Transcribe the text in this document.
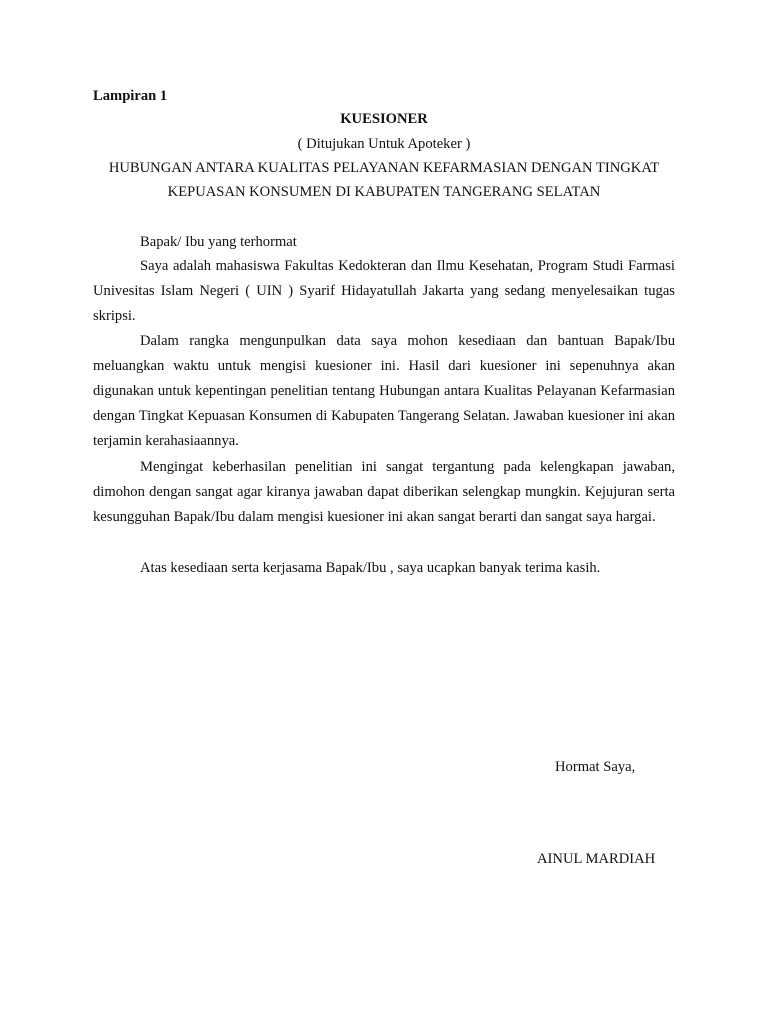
Lampiran 1
KUESIONER
( Ditujukan Untuk Apoteker )
HUBUNGAN ANTARA KUALITAS PELAYANAN KEFARMASIAN DENGAN TINGKAT
KEPUASAN KONSUMEN DI KABUPATEN TANGERANG SELATAN
Bapak/ Ibu yang terhormat

Saya adalah mahasiswa Fakultas Kedokteran dan Ilmu Kesehatan, Program Studi Farmasi Univesitas Islam Negeri ( UIN ) Syarif Hidayatullah Jakarta yang sedang menyelesaikan tugas skripsi.

Dalam rangka mengunpulkan data saya mohon kesediaan dan bantuan Bapak/Ibu meluangkan waktu untuk mengisi kuesioner ini. Hasil dari kuesioner ini sepenuhnya akan digunakan untuk kepentingan penelitian tentang Hubungan antara Kualitas Pelayanan Kefarmasian dengan Tingkat Kepuasan Konsumen di Kabupaten Tangerang Selatan. Jawaban kuesioner ini akan terjamin kerahasiaannya.

Mengingat keberhasilan penelitian ini sangat tergantung pada kelengkapan jawaban, dimohon dengan sangat agar kiranya jawaban dapat diberikan selengkap mungkin. Kejujuran serta kesungguhan Bapak/Ibu dalam mengisi kuesioner ini akan sangat berarti dan sangat saya hargai.

Atas kesediaan serta kerjasama Bapak/Ibu , saya ucapkan banyak terima kasih.

Hormat Saya,
AINUL MARDIAH
